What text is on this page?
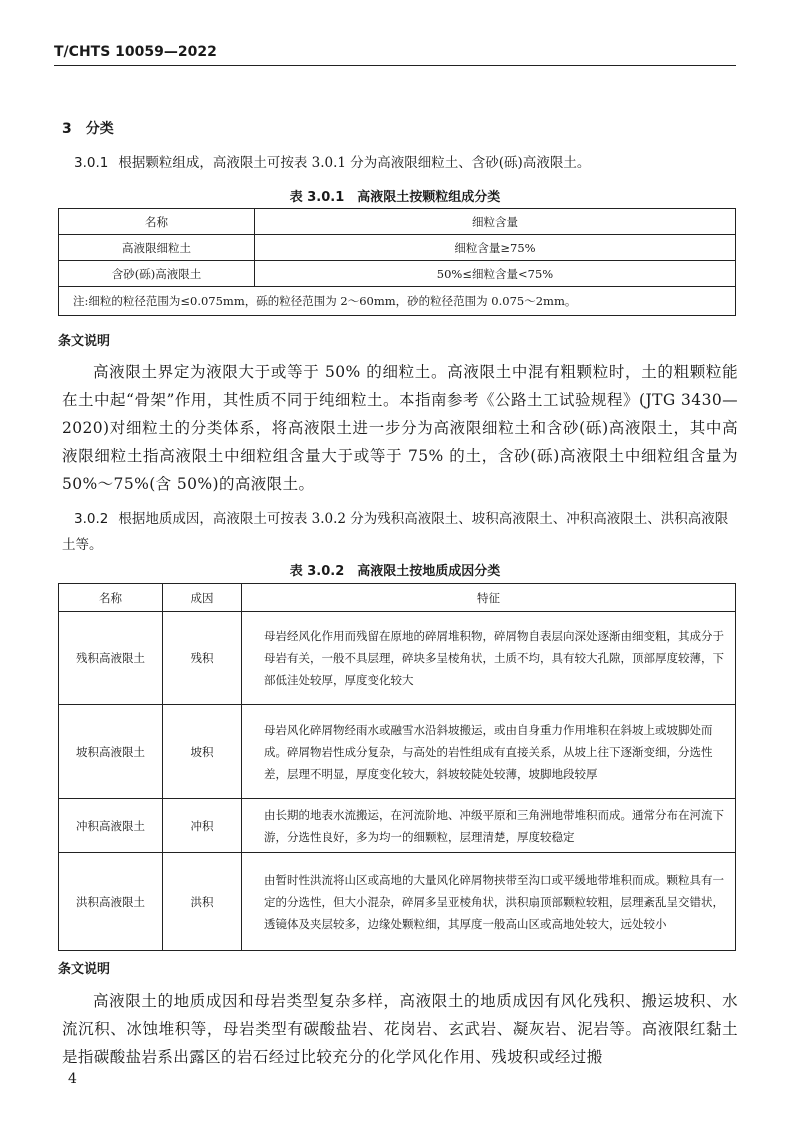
T/CHTS 10059—2022
3　分类
3.0.1 根据颗粒组成，高液限土可按表 3.0.1 分为高液限细粒土、含砂(砾)高液限土。
表 3.0.1　高液限土按颗粒组成分类
名称	细粒含量
高液限细粒土	细粒含量≥75%
含砂(砾)高液限土	50%≤细粒含量<75%
注:细粒的粒径范围为≤0.075mm，砾的粒径范围为 2～60mm，砂的粒径范围为 0.075～2mm。	
条文说明
高液限土界定为液限大于或等于 50% 的细粒土。高液限土中混有粗颗粒时，土的粗颗粒能在土中起“骨架”作用，其性质不同于纯细粒土。本指南参考《公路土工试验规程》(JTG 3430—2020)对细粒土的分类体系，将高液限土进一步分为高液限细粒土和含砂(砾)高液限土，其中高液限细粒土指高液限土中细粒组含量大于或等于 75% 的土，含砂(砾)高液限土中细粒组含量为 50%～75%(含 50%)的高液限土。
3.0.2 根据地质成因，高液限土可按表 3.0.2 分为残积高液限土、坡积高液限土、冲积高液限土、洪积高液限土等。
表 3.0.2　高液限土按地质成因分类
名称	成因	特征
残积高液限土	残积	母岩经风化作用而残留在原地的碎屑堆积物，碎屑物自表层向深处逐渐由细变粗，其成分于母岩有关，一般不具层理，碎块多呈棱角状，土质不均，具有较大孔隙，顶部厚度较薄，下部低洼处较厚，厚度变化较大
坡积高液限土	坡积	母岩风化碎屑物经雨水或融雪水沿斜坡搬运，或由自身重力作用堆积在斜坡上或坡脚处而成。碎屑物岩性成分复杂，与高处的岩性组成有直接关系，从坡上往下逐渐变细，分选性差，层理不明显，厚度变化较大，斜坡较陡处较薄，坡脚地段较厚
冲积高液限土	冲积	由长期的地表水流搬运，在河流阶地、冲级平原和三角洲地带堆积而成。通常分布在河流下游，分选性良好，多为均一的细颗粒，层理清楚，厚度较稳定
洪积高液限土	洪积	由暂时性洪流将山区或高地的大量风化碎屑物挟带至沟口或平缓地带堆积而成。颗粒具有一定的分选性，但大小混杂，碎屑多呈亚棱角状，洪积扇顶部颗粒较粗，层理紊乱呈交错状，透镜体及夹层较多，边缘处颗粒细，其厚度一般高山区或高地处较大，远处较小
条文说明
高液限土的地质成因和母岩类型复杂多样，高液限土的地质成因有风化残积、搬运坡积、水流沉积、冰蚀堆积等，母岩类型有碳酸盐岩、花岗岩、玄武岩、凝灰岩、泥岩等。高液限红黏土是指碳酸盐岩系出露区的岩石经过比较充分的化学风化作用、残坡积或经过搬
4
